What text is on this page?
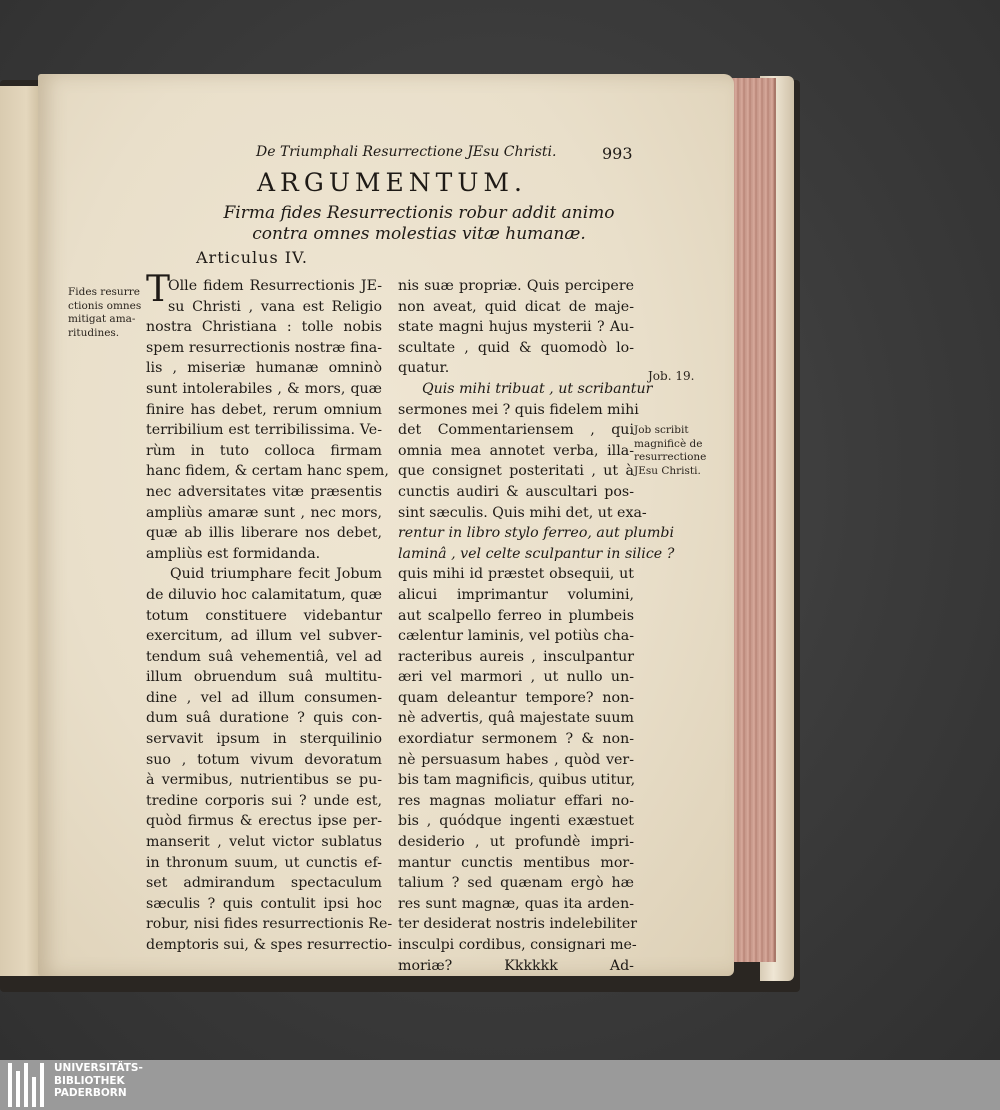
De Triumphali Resurrectione JEsu Christi.	993
ARGUMENTUM.
Firma fides Resurrectionis robur addit animo contra omnes molestias vitæ humanæ.
Articulus IV.
T
Olle fidem Resurrectionis JE-
su Christi , vana est Religio
nostra Christiana : tolle nobis
spem resurrectionis nostræ fina-
lis , miseriæ humanæ omninò
sunt intolerabiles , & mors, quæ
finire has debet, rerum omnium
terribilium est terribilissima. Ve-
rùm in tuto colloca firmam
hanc fidem, & certam hanc spem,
nec adversitates vitæ præsentis
ampliùs amaræ sunt , nec mors,
quæ ab illis liberare nos debet,
ampliùs est formidanda.
Quid triumphare fecit Jobum
de diluvio hoc calamitatum, quæ
totum constituere videbantur
exercitum, ad illum vel subver-
tendum suâ vehementiâ, vel ad
illum obruendum suâ multitu-
dine , vel ad illum consumen-
dum suâ duratione ? quis con-
servavit ipsum in sterquilinio
suo , totum vivum devoratum
à vermibus, nutrientibus se pu-
tredine corporis sui ? unde est,
quòd firmus & erectus ipse per-
manserit , velut victor sublatus
in thronum suum, ut cunctis ef-
set admirandum spectaculum
sæculis ? quis contulit ipsi hoc
robur, nisi fides resurrectionis Re-
demptoris sui, & spes resurrectio-
nis suæ propriæ. Quis percipere
non aveat, quid dicat de maje-
state magni hujus mysterii ? Au-
scultate , quid & quomodò lo-
quatur.
Quis mihi tribuat , ut scribantur
sermones mei ? quis fidelem mihi
det Commentariensem , qui
omnia mea annotet verba, illa-
que consignet posteritati , ut à
cunctis audiri & auscultari pos-
sint sæculis. Quis mihi det, ut exa-
rentur in libro stylo ferreo, aut plumbi
laminâ , vel celte sculpantur in silice ?
quis mihi id præstet obsequii, ut
alicui imprimantur volumini,
aut scalpello ferreo in plumbeis
cælentur laminis, vel potiùs cha-
racteribus aureis , insculpantur
æri vel marmori , ut nullo un-
quam deleantur tempore? non-
nè advertis, quâ majestate suum
exordiatur sermonem ? & non-
nè persuasum habes , quòd ver-
bis tam magnificis, quibus utitur,
res magnas moliatur effari no-
bis , quódque ingenti exæstuet
desiderio , ut profundè impri-
mantur cunctis mentibus mor-
talium ? sed quænam ergò hæ
res sunt magnæ, quas ita arden-
ter desiderat nostris indelebiliter
insculpi cordibus, consignari me-
moriæ?	Kkkkkk	Ad-
Fides resurre
ctionis omnes
mitigat ama-
ritudines.
Job. 19.
Job scribit
magnificè de
resurrectione
JEsu Christi.
UNIVERSITÄTS-
BIBLIOTHEK
PADERBORN
